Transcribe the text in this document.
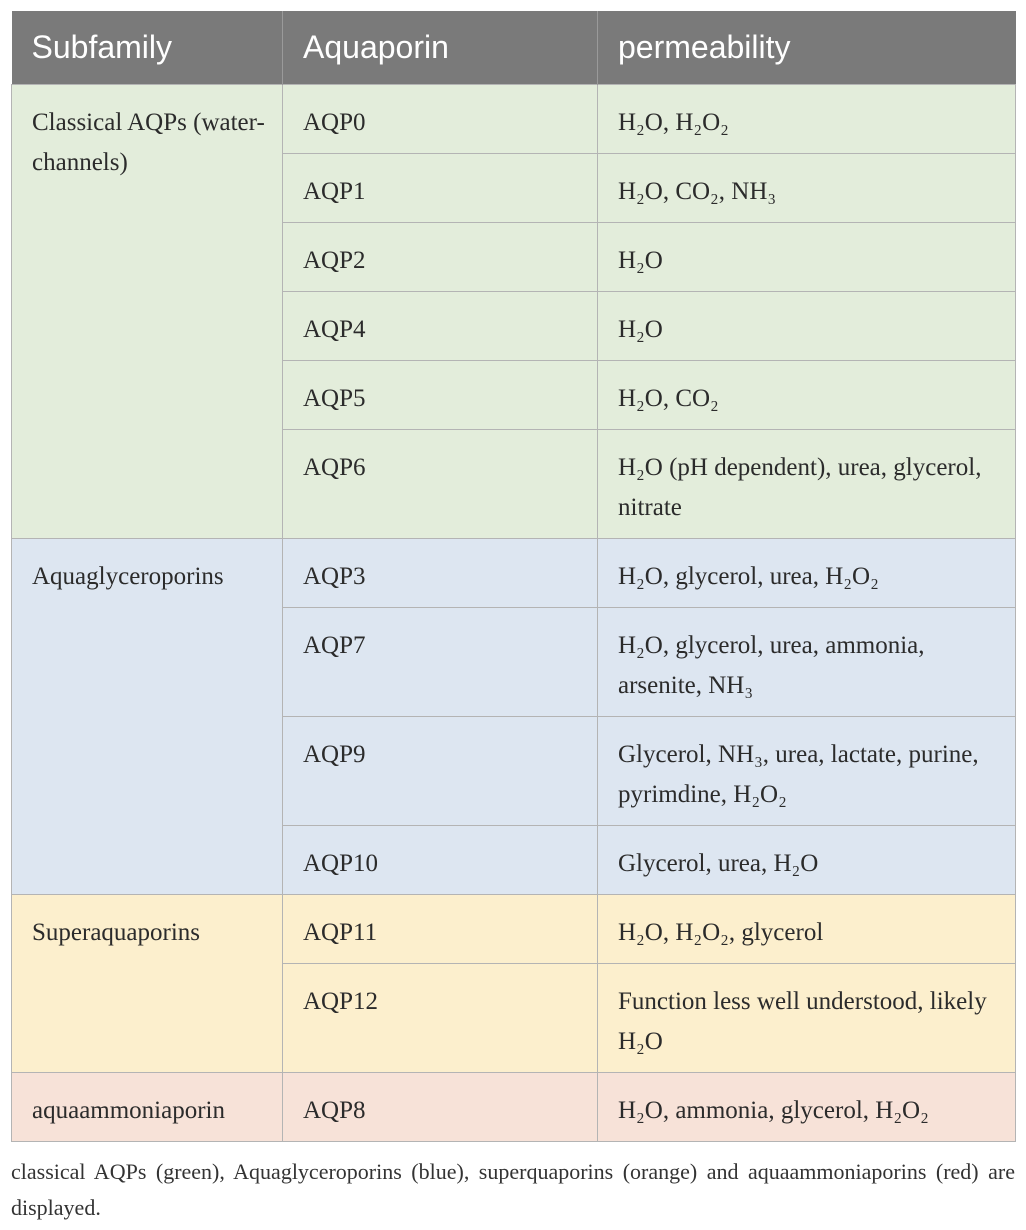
Subfamily	Aquaporin	permeability
Classical AQPs (water-channels)	AQP0	H₂O, H₂O₂
	AQP1	H₂O, CO₂, NH₃
	AQP2	H₂O
	AQP4	H₂O
	AQP5	H₂O, CO₂
	AQP6	H₂O (pH dependent), urea, glycerol, nitrate
Aquaglyceroporins	AQP3	H₂O, glycerol, urea, H₂O₂
	AQP7	H₂O, glycerol, urea, ammonia, arsenite, NH₃
	AQP9	Glycerol, NH₃, urea, lactate, purine, pyrimdine, H₂O₂
	AQP10	Glycerol, urea, H₂O
Superaquaporins	AQP11	H₂O, H₂O₂, glycerol
	AQP12	Function less well understood, likely H₂O
aquaammoniaporin	AQP8	H₂O, ammonia, glycerol, H₂O₂
classical AQPs (green), Aquaglyceroporins (blue), superquaporins (orange) and aquaammoniaporins (red) are displayed.
